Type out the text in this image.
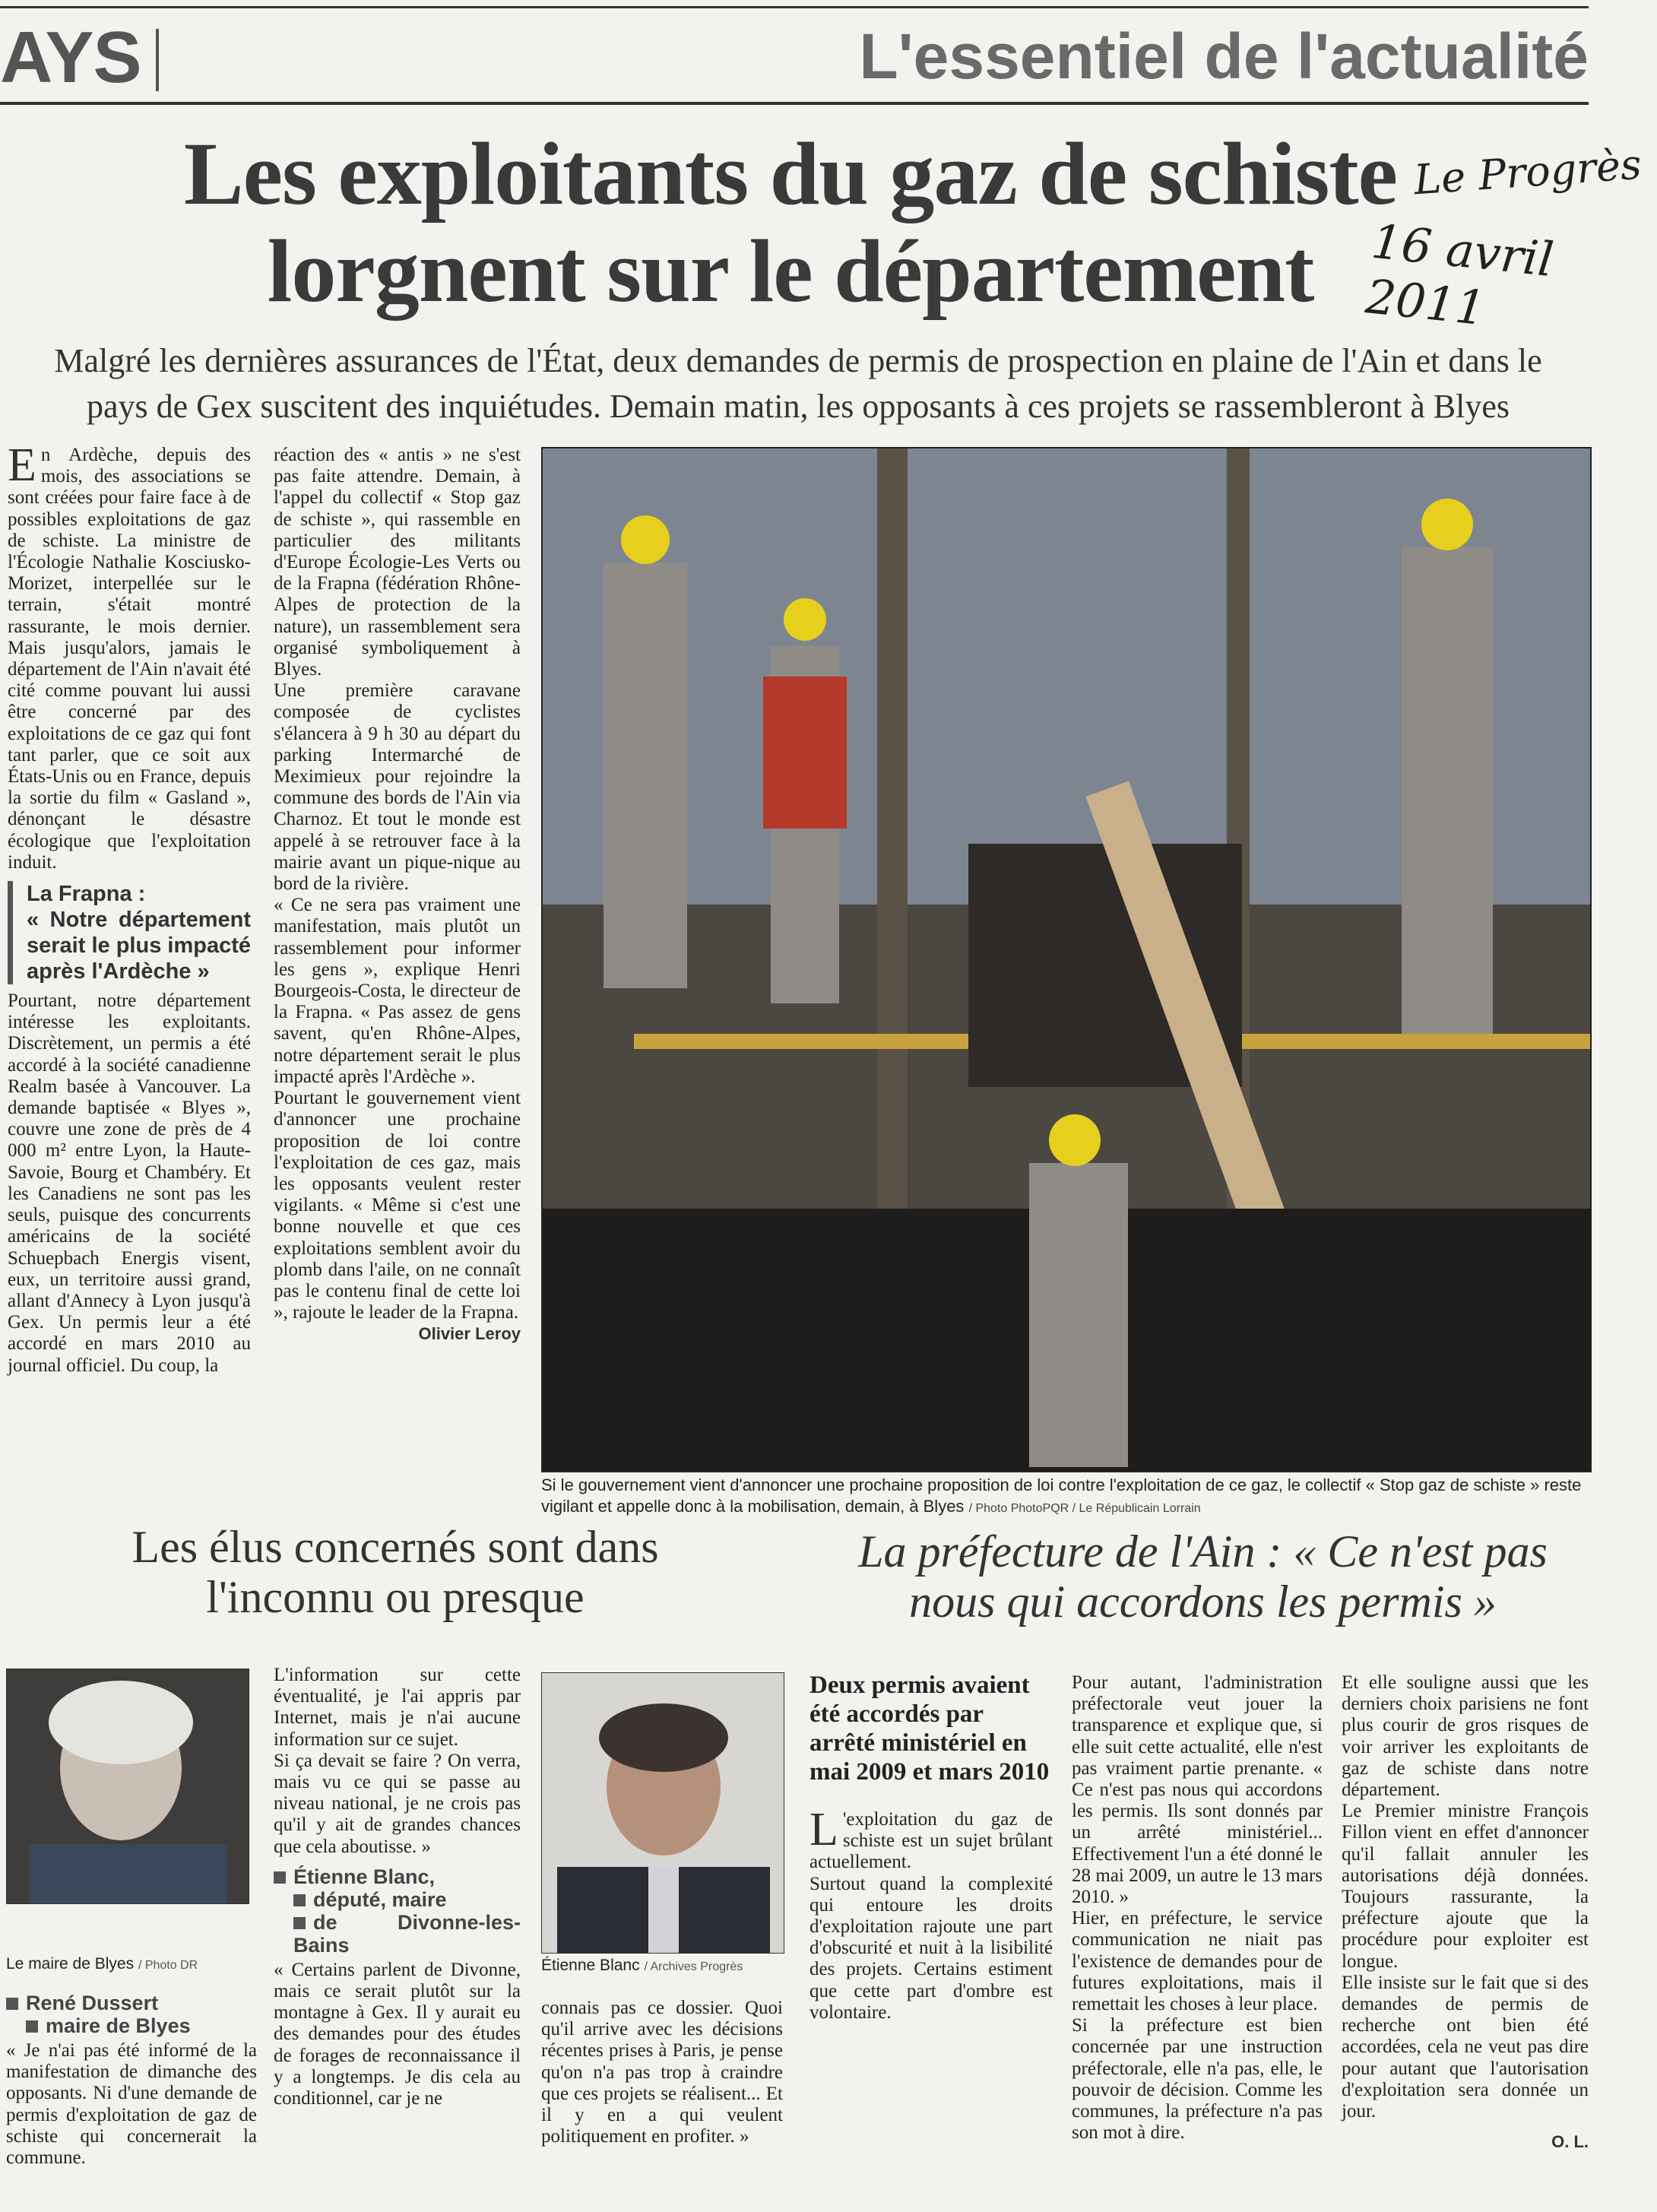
AYS	L'essentiel de l'actualité
Les exploitants du gaz de schiste
lorgnent sur le département
Le Progrès
16 avril 2011
Malgré les dernières assurances de l'État, deux demandes de permis de prospection en plaine de l'Ain et dans le pays de Gex suscitent des inquiétudes. Demain matin, les opposants à ces projets se rassembleront à Blyes

En Ardèche, depuis des mois, des associations se sont créées pour faire face à de possibles exploitations de gaz de schiste. La ministre de l'Écologie Nathalie Kosciusko-Morizet, interpellée sur le terrain, s'était montré rassurante, le mois dernier. Mais jusqu'alors, jamais le département de l'Ain n'avait été cité comme pouvant lui aussi être concerné par des exploitations de ce gaz qui font tant parler, que ce soit aux États-Unis ou en France, depuis la sortie du film « Gasland », dénonçant le désastre écologique que l'exploitation induit.

La Frapna :
« Notre département serait le plus impacté après l'Ardèche »

Pourtant, notre département intéresse les exploitants. Discrètement, un permis a été accordé à la société canadienne Realm basée à Vancouver. La demande baptisée « Blyes », couvre une zone de près de 4 000 m² entre Lyon, la Haute-Savoie, Bourg et Chambéry. Et les Canadiens ne sont pas les seuls, puisque des concurrents américains de la société Schuepbach Energis visent, eux, un territoire aussi grand, allant d'Annecy à Lyon jusqu'à Gex. Un permis leur a été accordé en mars 2010 au journal officiel. Du coup, la

réaction des « antis » ne s'est pas faite attendre. Demain, à l'appel du collectif « Stop gaz de schiste », qui rassemble en particulier des militants d'Europe Écologie-Les Verts ou de la Frapna (fédération Rhône-Alpes de protection de la nature), un rassemblement sera organisé symboliquement à Blyes.

Une première caravane composée de cyclistes s'élancera à 9 h 30 au départ du parking Intermarché de Meximieux pour rejoindre la commune des bords de l'Ain via Charnoz. Et tout le monde est appelé à se retrouver face à la mairie avant un pique-nique au bord de la rivière.

« Ce ne sera pas vraiment une manifestation, mais plutôt un rassemblement pour informer les gens », explique Henri Bourgeois-Costa, le directeur de la Frapna. « Pas assez de gens savent, qu'en Rhône-Alpes, notre département serait le plus impacté après l'Ardèche ».

Pourtant le gouvernement vient d'annoncer une prochaine proposition de loi contre l'exploitation de ces gaz, mais les opposants veulent rester vigilants. « Même si c'est une bonne nouvelle et que ces exploitations semblent avoir du plomb dans l'aile, on ne connaît pas le contenu final de cette loi », rajoute le leader de la Frapna.

Olivier Leroy
Si le gouvernement vient d'annoncer une prochaine proposition de loi contre l'exploitation de ce gaz, le collectif « Stop gaz de schiste » reste vigilant et appelle donc à la mobilisation, demain, à Blyes / Photo PhotoPQR / Le Républicain Lorrain
Les élus concernés sont dans l'inconnu ou presque
Le maire de Blyes / Photo DR
René Dussert
maire de Blyes
« Je n'ai pas été informé de la manifestation de dimanche des opposants. Ni d'une demande de permis d'exploitation de gaz de schiste qui concernerait la commune.

L'information sur cette éventualité, je l'ai appris par Internet, mais je n'ai aucune information sur ce sujet.

Si ça devait se faire ? On verra, mais vu ce qui se passe au niveau national, je ne crois pas qu'il y ait de grandes chances que cela aboutisse. »

Étienne Blanc,
député, maire
de Divonne-les-Bains
« Certains parlent de Divonne, mais ce serait plutôt sur la montagne à Gex. Il y aurait eu des demandes pour des études de forages de reconnaissance il y a longtemps. Je dis cela au conditionnel, car je ne
Étienne Blanc / Archives Progrès
connais pas ce dossier. Quoi qu'il arrive avec les décisions récentes prises à Paris, je pense qu'on n'a pas trop à craindre que ces projets se réalisent... Et il y en a qui veulent politiquement en profiter. »
La préfecture de l'Ain : « Ce n'est pas nous qui accordons les permis »
Deux permis avaient été accordés par arrêté ministériel en mai 2009 et mars 2010

L 'exploitation du gaz de schiste est un sujet brûlant actuellement.

Surtout quand la complexité qui entoure les droits d'exploitation rajoute une part d'obscurité et nuit à la lisibilité des projets. Certains estiment que cette part d'ombre est volontaire.

Pour autant, l'administration préfectorale veut jouer la transparence et explique que, si elle suit cette actualité, elle n'est pas vraiment partie prenante. « Ce n'est pas nous qui accordons les permis. Ils sont donnés par un arrêté ministériel... Effectivement l'un a été donné le 28 mai 2009, un autre le 13 mars 2010. »

Hier, en préfecture, le service communication ne niait pas l'existence de demandes pour de futures exploitations, mais il remettait les choses à leur place.

Si la préfecture est bien concernée par une instruction préfectorale, elle n'a pas, elle, le pouvoir de décision. Comme les communes, la préfecture n'a pas son mot à dire.

Et elle souligne aussi que les derniers choix parisiens ne font plus courir de gros risques de voir arriver les exploitants de gaz de schiste dans notre département.

Le Premier ministre François Fillon vient en effet d'annoncer qu'il fallait annuler les autorisations déjà données. Toujours rassurante, la préfecture ajoute que la procédure pour exploiter est longue.

Elle insiste sur le fait que si des demandes de permis de recherche ont bien été accordées, cela ne veut pas dire pour autant que l'autorisation d'exploitation sera donnée un jour.

O. L.
